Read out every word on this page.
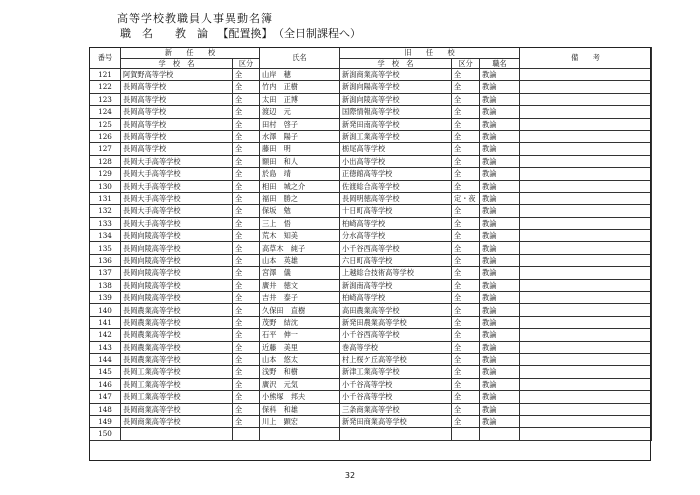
高等学校教職員人事異動名簿
職　名　　教　論 【配置換】 （全日制課程へ）
番号	新　　任　　校		氏名	旧　　任　　校			備　　考
	学　校　名	区分		学　校　名	区分	職名	
121	阿賀野高等学校	全	山岸　穂	新潟商業高等学校	全	教論	
122	長岡高等学校	全	竹内　正樹	新潟向陽高等学校	全	教論	
123	長岡高等学校	全	太田　正博	新潟向陵高等学校	全	教論	
124	長岡高等学校	全	渡辺　元	国際情報高等学校	全	教論	
125	長岡高等学校	全	田村　啓子	新発田南高等学校	全	教論	
126	長岡高等学校	全	水澤　陽子	新潟工業高等学校	全	教論	
127	長岡高等学校	全	藤田　明	栃尾高等学校	全	教論	
128	長岡大手高等学校	全	額田　和人	小出高等学校	全	教論	
129	長岡大手高等学校	全	於島　靖	正徳館高等学校	全	教論	
130	長岡大手高等学校	全	相田　城之介	佐渡総合高等学校	全	教論	
131	長岡大手高等学校	全	福田　勝之	長岡明徳高等学校	定・夜	教論	
132	長岡大手高等学校	全	保坂　勉	十日町高等学校	全	教論	
133	長岡大手高等学校	全	三上　悟	柏崎高等学校	全	教論	
134	長岡向陵高等学校	全	荒木　知美	分水高等学校	全	教論	
135	長岡向陵高等学校	全	高草木　純子	小千谷西高等学校	全	教論	
136	長岡向陵高等学校	全	山本　英雄	六日町高等学校	全	教論	
137	長岡向陵高等学校	全	宮澤　儀	上越総合技術高等学校	全	教論	
138	長岡向陵高等学校	全	廣井　徳文	新潟南高等学校	全	教論	
139	長岡向陵高等学校	全	吉井　泰子	柏崎高等学校	全	教論	
140	長岡農業高等学校	全	久保田　直樹	高田農業高等学校	全	教論	
141	長岡農業高等学校	全	茂野　結沈	新発田農業高等学校	全	教論	
142	長岡農業高等学校	全	石平　伸一	小千谷西高等学校	全	教論	
143	長岡農業高等学校	全	近藤　美里	巻高等学校	全	教論	
144	長岡農業高等学校	全	山本　悠太	村上桜ケ丘高等学校	全	教論	
145	長岡工業高等学校	全	浅野　和樹	新津工業高等学校	全	教論	
146	長岡工業高等学校	全	廣沢　元気	小千谷高等学校	全	教論	
147	長岡工業高等学校	全	小熊塚　邦夫	小千谷高等学校	全	教論	
148	長岡商業高等学校	全	保科　和雄	三条商業高等学校	全	教論	
149	長岡商業高等学校	全	川上　顕宏	新発田商業高等学校	全	教論	
150							
32
